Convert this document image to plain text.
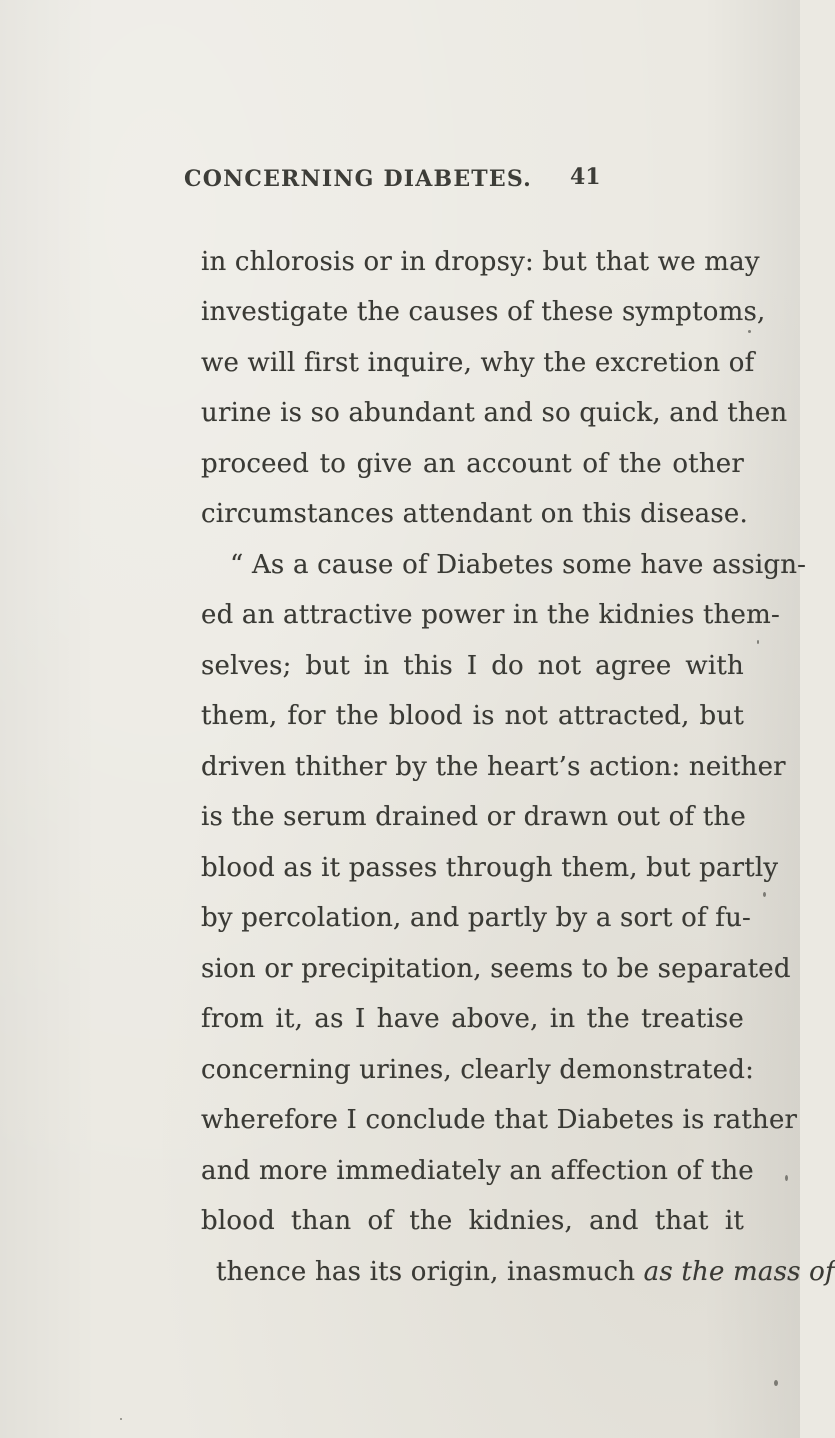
CONCERNING DIABETES. 41
in chlorosis or in dropsy: but that we may
investigate the causes of these symptoms,
we will first inquire, why the excretion of
urine is so abundant and so quick, and then
proceed to give an account of the other
circumstances attendant on this disease.
“ As a cause of Diabetes some have assign-
ed an attractive power in the kidnies them-
selves; but in this I do not agree with
them, for the blood is not attracted, but
driven thither by the heart’s action: neither
is the serum drained or drawn out of the
blood as it passes through them, but partly
by percolation, and partly by a sort of fu-
sion or precipitation, seems to be separated
from it, as I have above, in the treatise
concerning urines, clearly demonstrated:
wherefore I conclude that Diabetes is rather
and more immediately an affection of the
blood than of the kidnies, and that it
thence has its origin, inasmuch as the mass of
